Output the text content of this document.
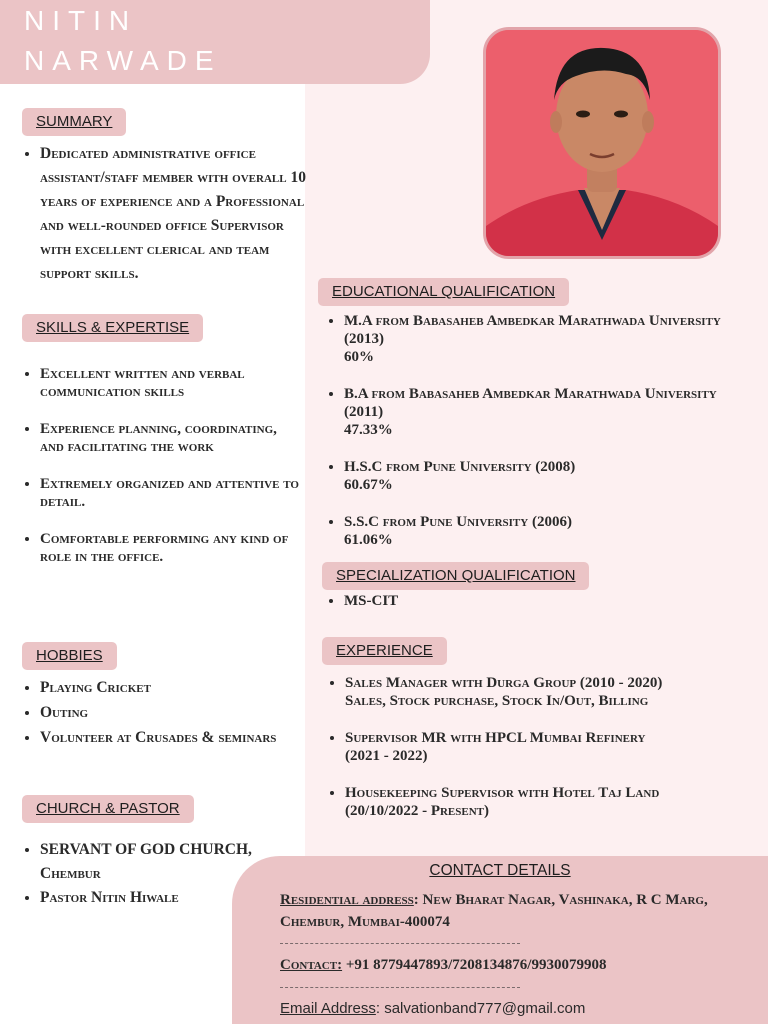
NITIN
NARWADE
SUMMARY
• Dedicated administrative office assistant/staff member with overall 10 years of experience and a Professional and well-rounded office Supervisor with excellent clerical and team support skills.
SKILLS & EXPERTISE
• Excellent written and verbal communication skills
• Experience planning, coordinating, and facilitating the work
• Extremely organized and attentive to detail.
• Comfortable performing any kind of role in the office.
HOBBIES
• Playing Cricket
• Outing
• Volunteer at Crusades & seminars
CHURCH & PASTOR
• SERVANT OF GOD CHURCH, Chembur
• Pastor Nitin Hiwale
EDUCATIONAL QUALIFICATION
• M.A from Babasaheb Ambedkar Marathwada University (2013)
60%
• B.A from Babasaheb Ambedkar Marathwada University (2011)
47.33%
• H.S.C from Pune University (2008)
60.67%
• S.S.C from Pune University (2006)
61.06%
SPECIALIZATION QUALIFICATION
• MS-CIT
EXPERIENCE
• Sales Manager with Durga Group (2010 - 2020)
Sales, Stock purchase, Stock In/Out, Billing
• Supervisor MR with HPCL Mumbai Refinery
(2021 - 2022)
• Housekeeping Supervisor with Hotel Taj Land
(20/10/2022 - Present)
CONTACT DETAILS
Residential address: New Bharat Nagar, Vashinaka, R C Marg, Chembur, Mumbai-400074
Contact: +91 8779447893/7208134876/9930079908
Email Address: salvationband777@gmail.com
